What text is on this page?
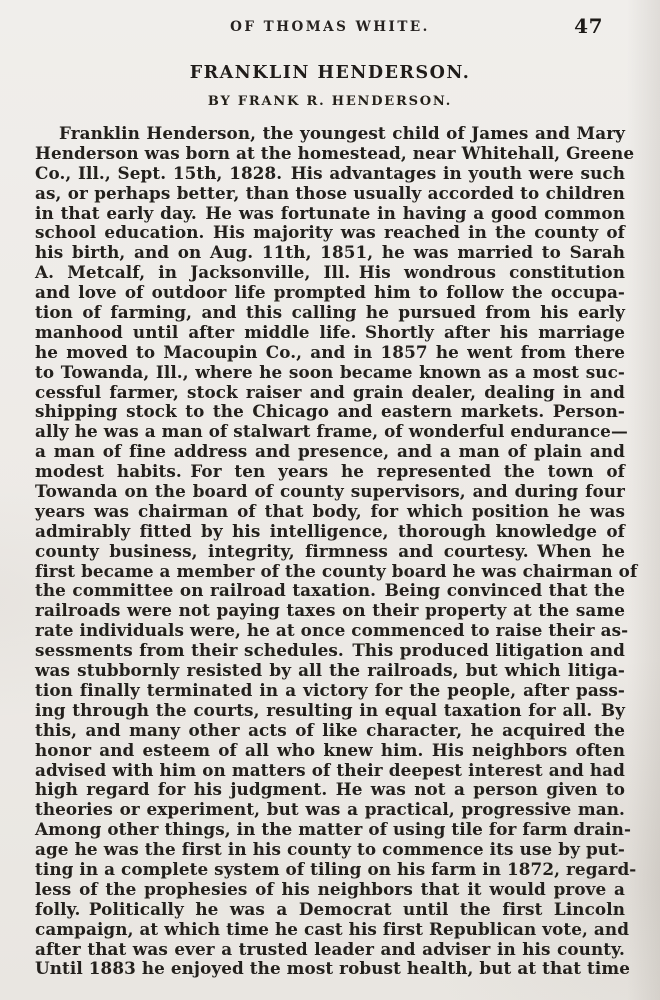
OF THOMAS WHITE.	47
FRANKLIN HENDERSON.
BY FRANK R. HENDERSON.
Franklin Henderson, the youngest child of James and Mary
Henderson was born at the homestead, near Whitehall, Greene
Co., Ill., Sept. 15th, 1828. His advantages in youth were such
as, or perhaps better, than those usually accorded to children
in that early day. He was fortunate in having a good common
school education. His majority was reached in the county of
his birth, and on Aug. 11th, 1851, he was married to Sarah
A. Metcalf, in Jacksonville, Ill. His wondrous constitution
and love of outdoor life prompted him to follow the occupa-
tion of farming, and this calling he pursued from his early
manhood until after middle life. Shortly after his marriage
he moved to Macoupin Co., and in 1857 he went from there
to Towanda, Ill., where he soon became known as a most suc-
cessful farmer, stock raiser and grain dealer, dealing in and
shipping stock to the Chicago and eastern markets. Person-
ally he was a man of stalwart frame, of wonderful endurance—
a man of fine address and presence, and a man of plain and
modest habits. For ten years he represented the town of
Towanda on the board of county supervisors, and during four
years was chairman of that body, for which position he was
admirably fitted by his intelligence, thorough knowledge of
county business, integrity, firmness and courtesy. When he
first became a member of the county board he was chairman of
the committee on railroad taxation. Being convinced that the
railroads were not paying taxes on their property at the same
rate individuals were, he at once commenced to raise their as-
sessments from their schedules. This produced litigation and
was stubbornly resisted by all the railroads, but which litiga-
tion finally terminated in a victory for the people, after pass-
ing through the courts, resulting in equal taxation for all. By
this, and many other acts of like character, he acquired the
honor and esteem of all who knew him. His neighbors often
advised with him on matters of their deepest interest and had
high regard for his judgment. He was not a person given to
theories or experiment, but was a practical, progressive man.
Among other things, in the matter of using tile for farm drain-
age he was the first in his county to commence its use by put-
ting in a complete system of tiling on his farm in 1872, regard-
less of the prophesies of his neighbors that it would prove a
folly. Politically he was a Democrat until the first Lincoln
campaign, at which time he cast his first Republican vote, and
after that was ever a trusted leader and adviser in his county.
Until 1883 he enjoyed the most robust health, but at that time
